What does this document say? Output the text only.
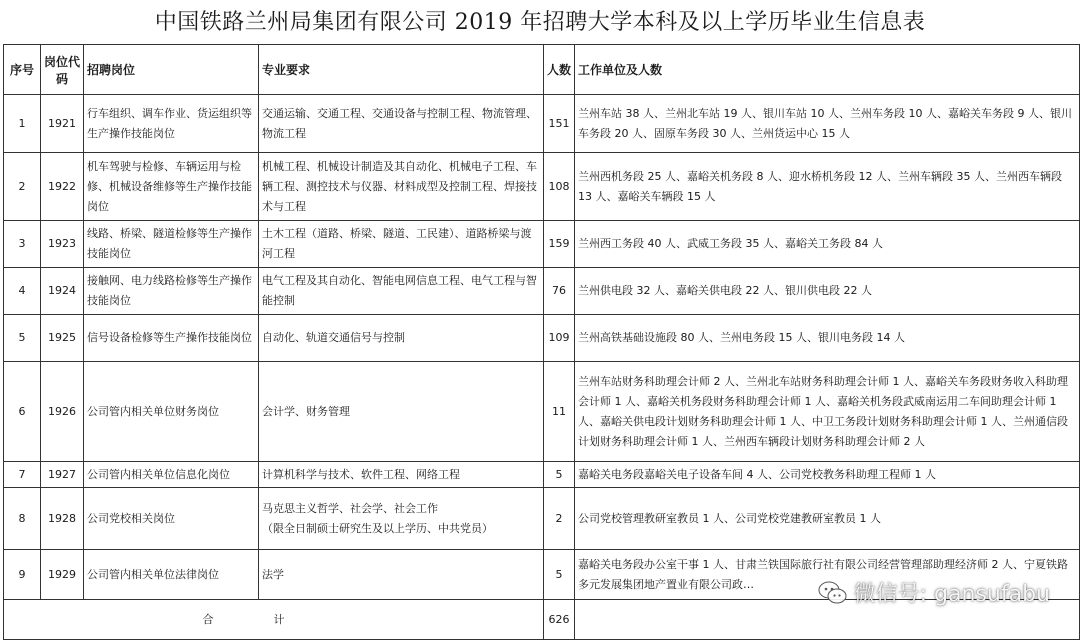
中国铁路兰州局集团有限公司 2019 年招聘大学本科及以上学历毕业生信息表
序号	岗位代码	招聘岗位	专业要求	人数	工作单位及人数
1	1921	行车组织、调车作业、货运组织等生产操作技能岗位	交通运输、交通工程、交通设备与控制工程、物流管理、物流工程	151	兰州车站 38 人、兰州北车站 19 人、银川车站 10 人、兰州车务段 10 人、嘉峪关车务段 9 人、银川车务段 20 人、固原车务段 30 人、兰州货运中心 15 人
2	1922	机车驾驶与检修、车辆运用与检修、机械设备维修等生产操作技能岗位	机械工程、机械设计制造及其自动化、机械电子工程、车辆工程、测控技术与仪器、材料成型及控制工程、焊接技术与工程	108	兰州西机务段 25 人、嘉峪关机务段 8 人、迎水桥机务段 12 人、兰州车辆段 35 人、兰州西车辆段 13 人、嘉峪关车辆段 15 人
3	1923	线路、桥梁、隧道检修等生产操作技能岗位	土木工程（道路、桥梁、隧道、工民建）、道路桥梁与渡河工程	159	兰州西工务段 40 人、武威工务段 35 人、嘉峪关工务段 84 人
4	1924	接触网、电力线路检修等生产操作技能岗位	电气工程及其自动化、智能电网信息工程、电气工程与智能控制	76	兰州供电段 32 人、嘉峪关供电段 22 人、银川供电段 22 人
5	1925	信号设备检修等生产操作技能岗位	自动化、轨道交通信号与控制	109	兰州高铁基础设施段 80 人、兰州电务段 15 人、银川电务段 14 人
6	1926	公司管内相关单位财务岗位	会计学、财务管理	11	兰州车站财务科助理会计师 2 人、兰州北车站财务科助理会计师 1 人、嘉峪关车务段财务收入科助理会计师 1 人、嘉峪关机务段财务科助理会计师 1 人、嘉峪关机务段武威南运用二车间助理会计师 1 人、嘉峪关供电段计划财务科助理会计师 1 人、中卫工务段计划财务科助理会计师 1 人、兰州通信段计划财务科助理会计师 1 人、兰州西车辆段计划财务科助理会计师 2 人
7	1927	公司管内相关单位信息化岗位	计算机科学与技术、软件工程、网络工程	5	嘉峪关电务段嘉峪关电子设备车间 4 人、公司党校教务科助理工程师 1 人
8	1928	公司党校相关岗位	马克思主义哲学、社会学、社会工作
（限全日制硕士研究生及以上学历、中共党员）	2	公司党校管理教研室教员 1 人、公司党校党建教研室教员 1 人
9	1929	公司管内相关单位法律岗位	法学	5	嘉峪关电务段办公室干事 1 人、甘肃兰铁国际旅行社有限公司经营管理部助理经济师 2 人、宁夏铁路多元发展集团地产置业有限公司政…
合计				626	
微信号: gansufabu
